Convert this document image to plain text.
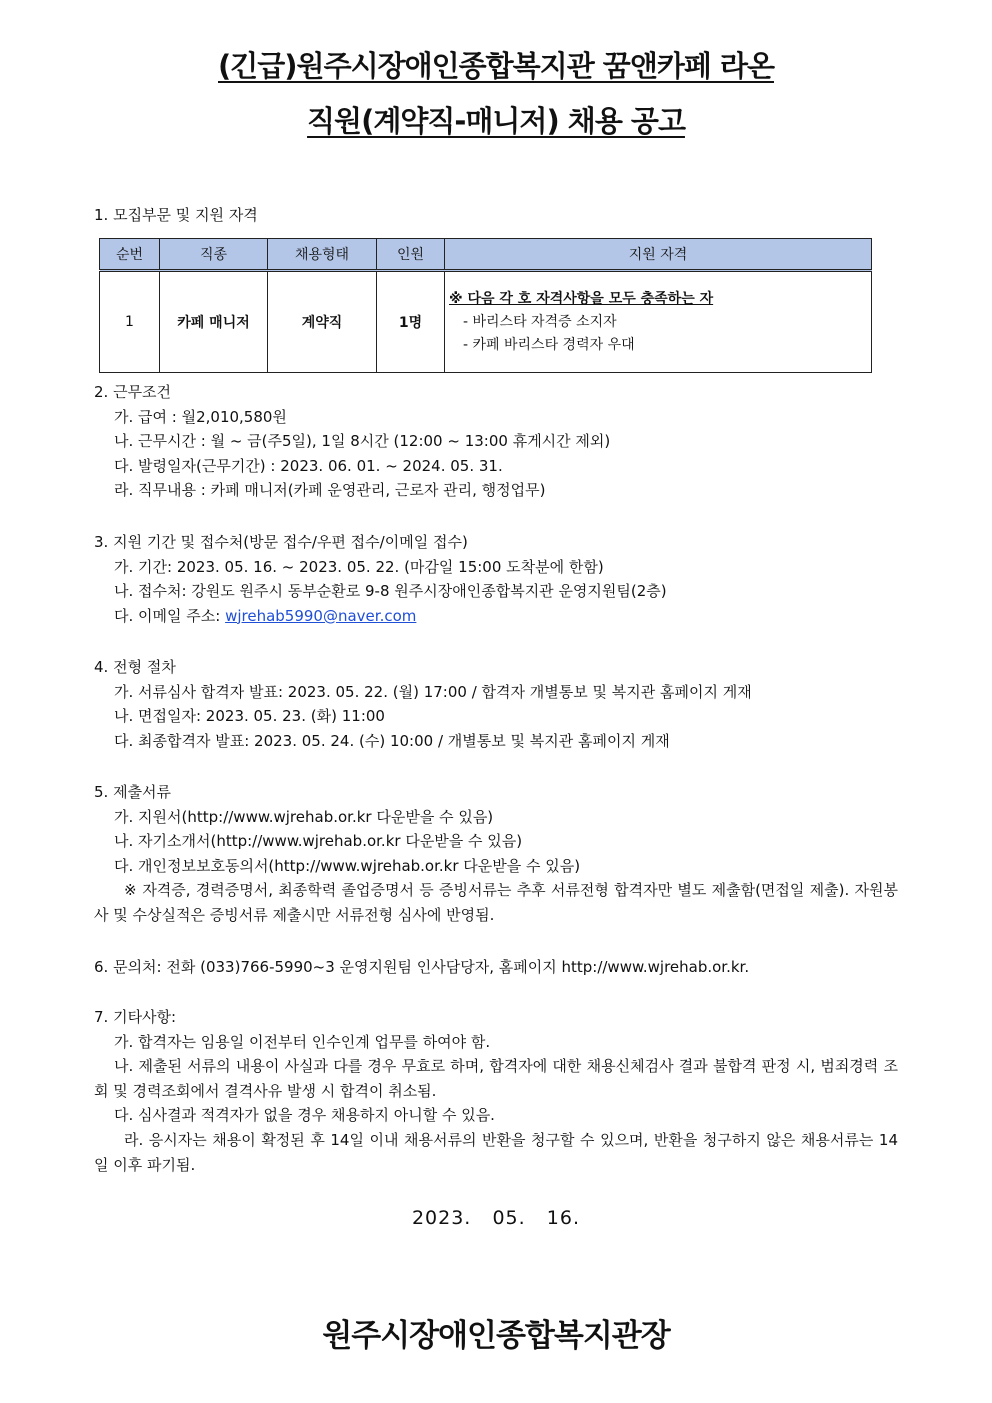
(긴급)원주시장애인종합복지관 꿈앤카페 라온
직원(계약직-매니저) 채용 공고
1. 모집부문 및 지원 자격
순번	직종	채용형태	인원	지원 자격
1	카페 매니저	계약직	1명	※ 다음 각 호 자격사항을 모두 충족하는 자
- 바리스타 자격증 소지자
- 카페 바리스타 경력자 우대
2. 근무조건
가. 급여 : 월2,010,580원
나. 근무시간 : 월 ~ 금(주5일), 1일 8시간 (12:00 ~ 13:00 휴게시간 제외)
다. 발령일자(근무기간) : 2023. 06. 01. ~ 2024. 05. 31.
라. 직무내용 : 카페 매니저(카페 운영관리, 근로자 관리, 행정업무)
3. 지원 기간 및 접수처(방문 접수/우편 접수/이메일 접수)
가. 기간: 2023. 05. 16. ~ 2023. 05. 22. (마감일 15:00 도착분에 한함)
나. 접수처: 강원도 원주시 동부순환로 9-8 원주시장애인종합복지관 운영지원팀(2층)
다. 이메일 주소: wjrehab5990@naver.com
4. 전형 절차
가. 서류심사 합격자 발표: 2023. 05. 22. (월) 17:00 / 합격자 개별통보 및 복지관 홈페이지 게재
나. 면접일자: 2023. 05. 23. (화) 11:00
다. 최종합격자 발표: 2023. 05. 24. (수) 10:00 / 개별통보 및 복지관 홈페이지 게재
5. 제출서류
가. 지원서(http://www.wjrehab.or.kr 다운받을 수 있음)
나. 자기소개서(http://www.wjrehab.or.kr 다운받을 수 있음)
다. 개인정보보호동의서(http://www.wjrehab.or.kr 다운받을 수 있음)
※ 자격증, 경력증명서, 최종학력 졸업증명서 등 증빙서류는 추후 서류전형 합격자만 별도 제출함(면접일 제출). 자원봉사 및 수상실적은 증빙서류 제출시만 서류전형 심사에 반영됨.
6. 문의처: 전화 (033)766-5990~3 운영지원팀 인사담당자, 홈페이지 http://www.wjrehab.or.kr.
7. 기타사항:
가. 합격자는 임용일 이전부터 인수인계 업무를 하여야 함.
나. 제출된 서류의 내용이 사실과 다를 경우 무효로 하며, 합격자에 대한 채용신체검사 결과 불합격 판정 시, 범죄경력 조회 및 경력조회에서 결격사유 발생 시 합격이 취소됨.
다. 심사결과 적격자가 없을 경우 채용하지 아니할 수 있음.
라. 응시자는 채용이 확정된 후 14일 이내 채용서류의 반환을 청구할 수 있으며, 반환을 청구하지 않은 채용서류는 14일 이후 파기됨.
2023.   05.   16.
원주시장애인종합복지관장
